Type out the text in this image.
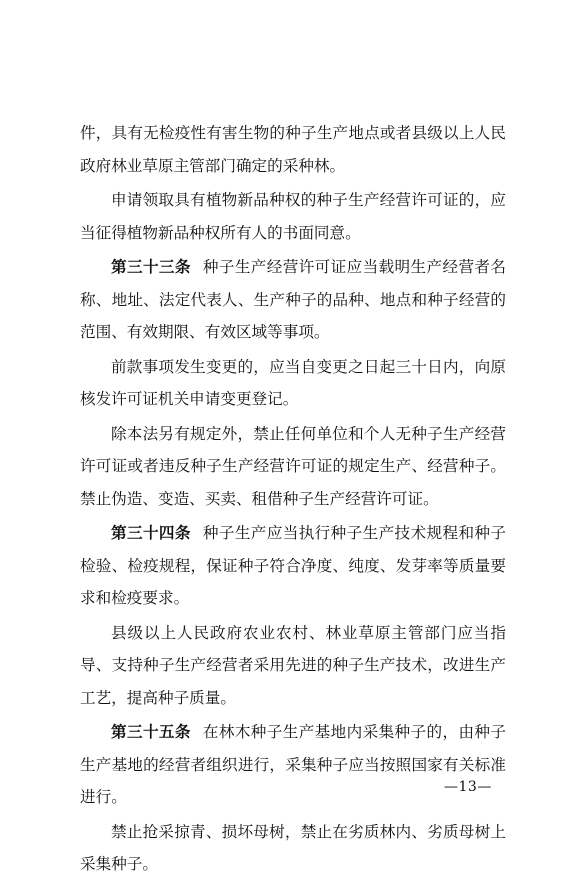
件，具有无检疫性有害生物的种子生产地点或者县级以上人民政府林业草原主管部门确定的采种林。

申请领取具有植物新品种权的种子生产经营许可证的，应当征得植物新品种权所有人的书面同意。

第三十三条 种子生产经营许可证应当载明生产经营者名称、地址、法定代表人、生产种子的品种、地点和种子经营的范围、有效期限、有效区域等事项。

前款事项发生变更的，应当自变更之日起三十日内，向原核发许可证机关申请变更登记。

除本法另有规定外，禁止任何单位和个人无种子生产经营许可证或者违反种子生产经营许可证的规定生产、经营种子。禁止伪造、变造、买卖、租借种子生产经营许可证。

第三十四条 种子生产应当执行种子生产技术规程和种子检验、检疫规程，保证种子符合净度、纯度、发芽率等质量要求和检疫要求。

县级以上人民政府农业农村、林业草原主管部门应当指导、支持种子生产经营者采用先进的种子生产技术，改进生产工艺，提高种子质量。

第三十五条 在林木种子生产基地内采集种子的，由种子生产基地的经营者组织进行，采集种子应当按照国家有关标准进行。

禁止抢采掠青、损坏母树，禁止在劣质林内、劣质母树上采集种子。

—13—
